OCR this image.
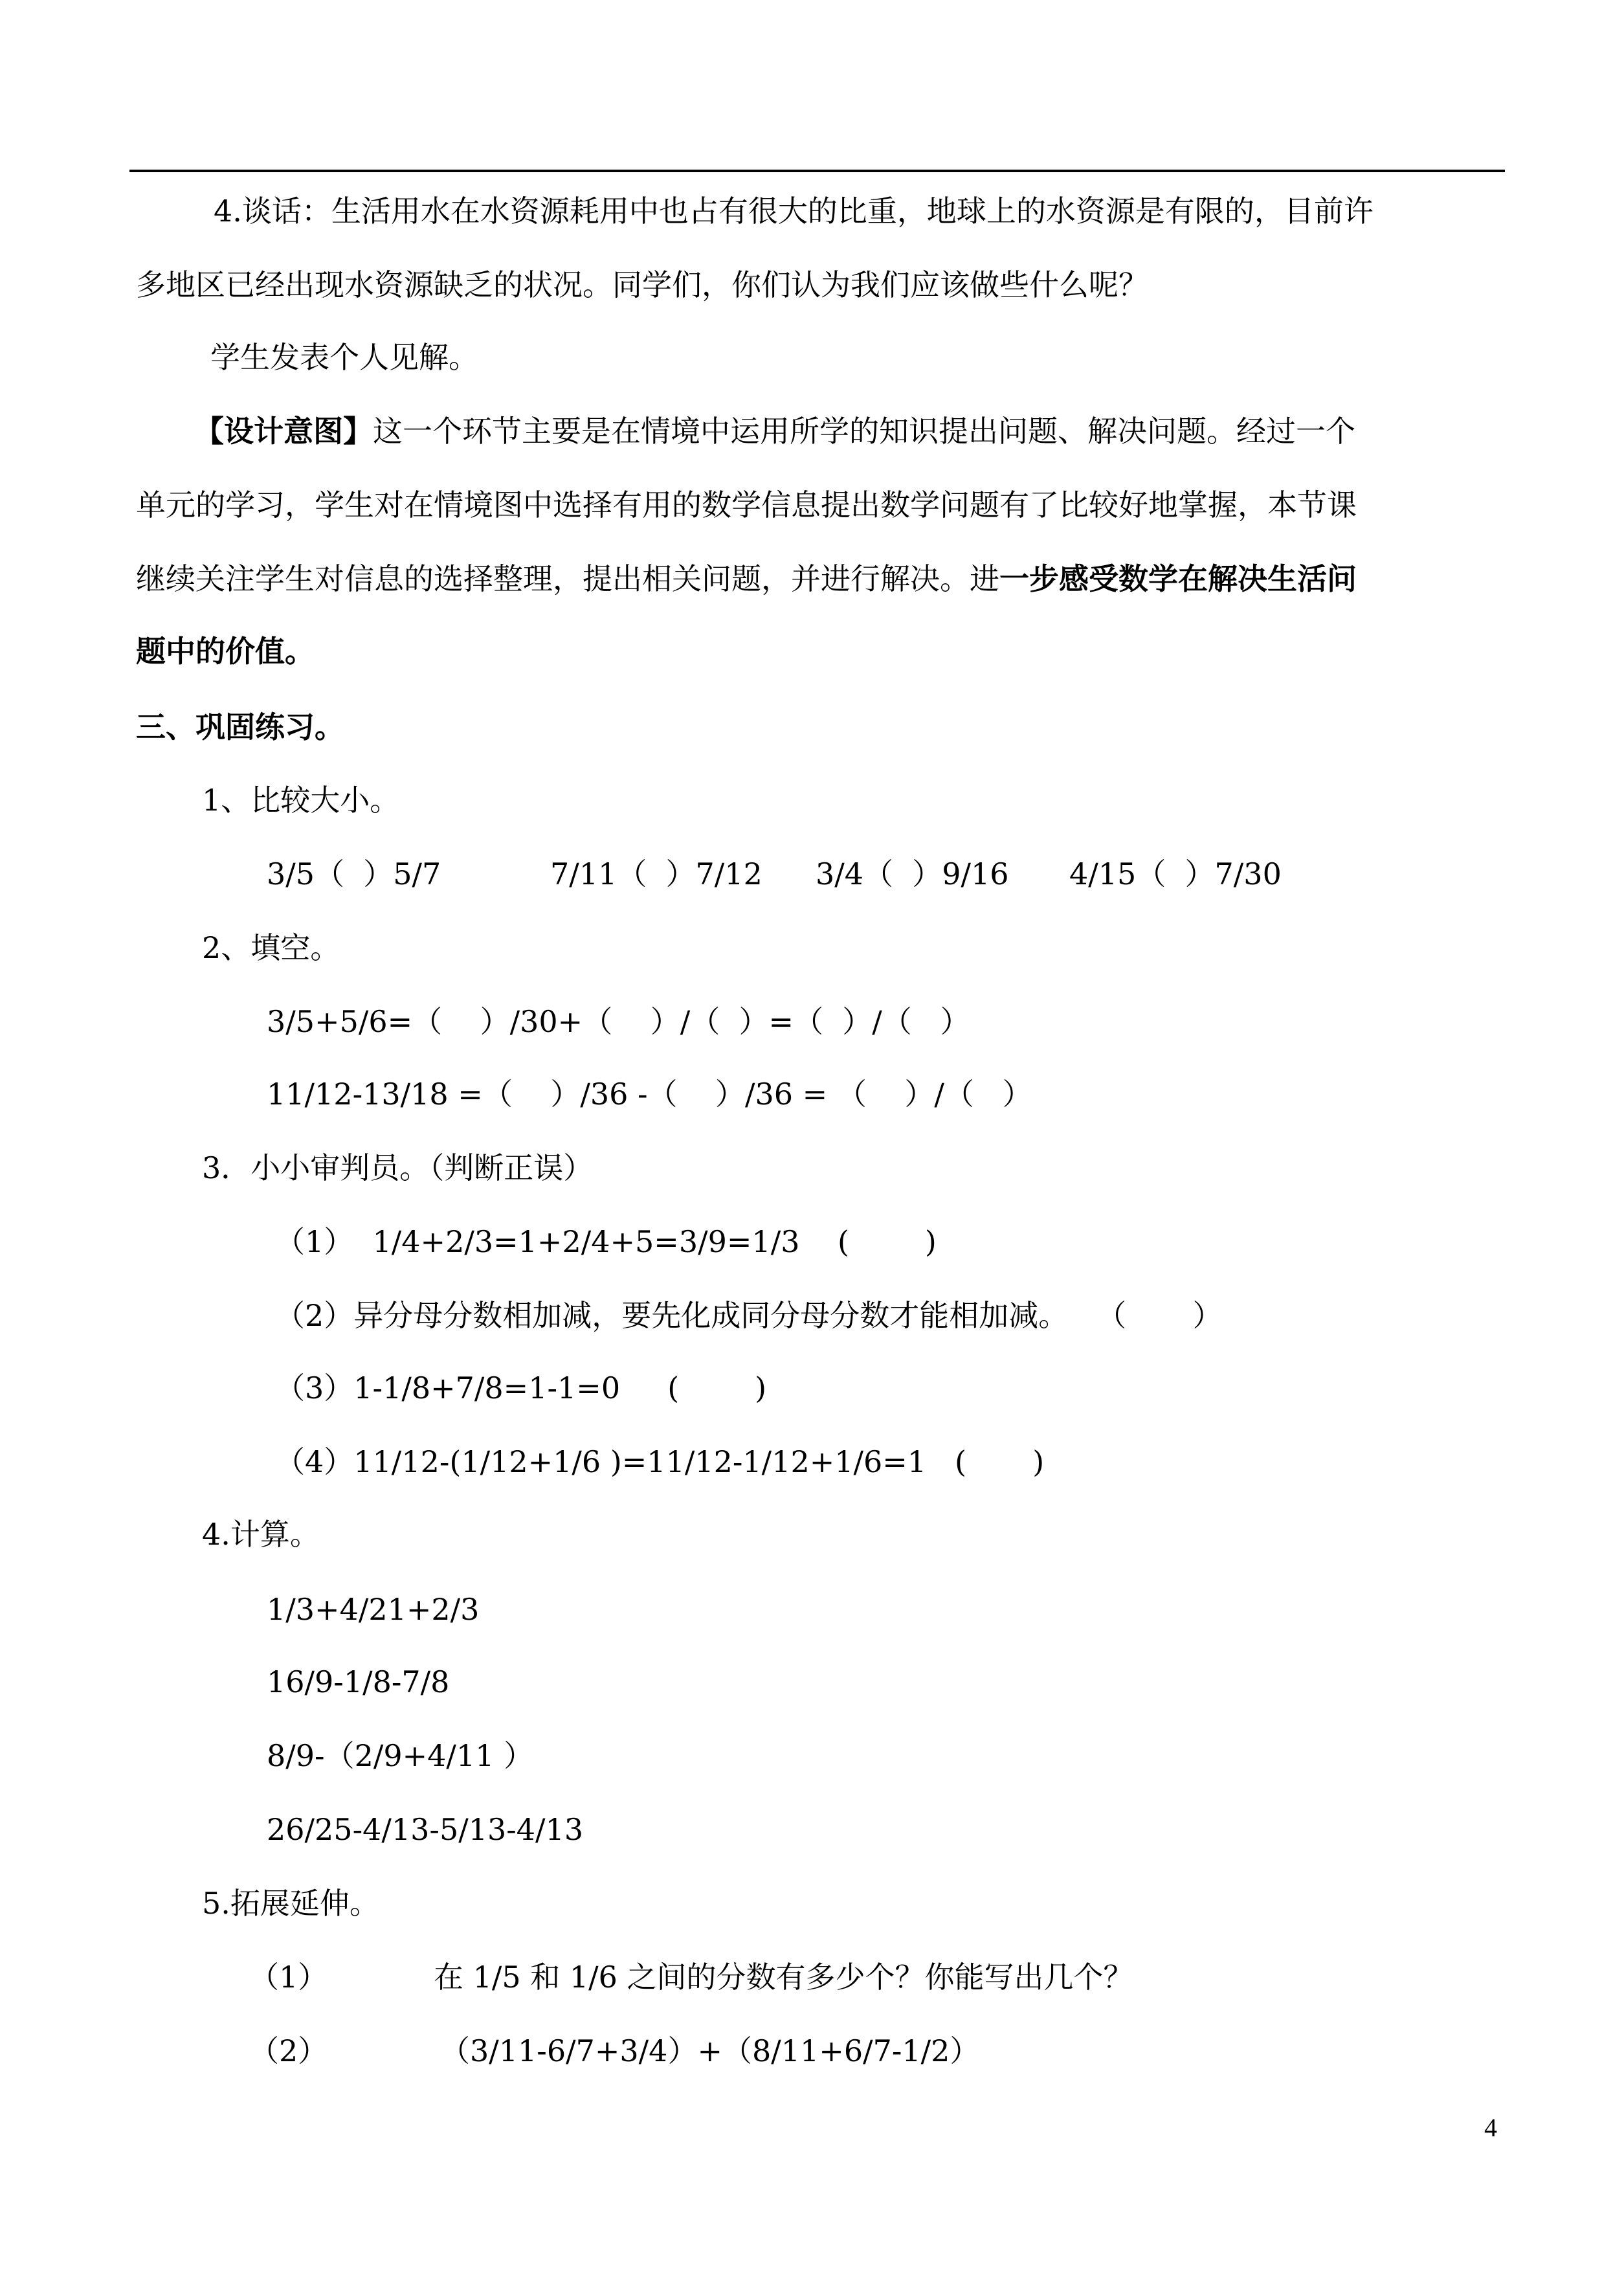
4.谈话：生活用水在水资源耗用中也占有很大的比重，地球上的水资源是有限的，目前许
多地区已经出现水资源缺乏的状况。同学们，你们认为我们应该做些什么呢？
学生发表个人见解。
【设计意图】这一个环节主要是在情境中运用所学的知识提出问题、解决问题。经过一个
单元的学习，学生对在情境图中选择有用的数学信息提出数学问题有了比较好地掌握，本节课
继续关注学生对信息的选择整理，提出相关问题，并进行解决。进一步感受数学在解决生活问
题中的价值。
三、巩固练习。
1、比较大小。

3/5（  ）5/7

	7/11（  ）7/12

3/4（  ）9/16

4/15（  ）7/30

2、填空。
3/5+5/6=（    ）/30+（    ）/（  ）=（  ）/（   ）
11/12-13/18 =（    ）/36 -（    ）/36 = （    ）/（   ）
3．小小审判员。（判断正误）
（1）  1/4+2/3=1+2/4+5=3/9=1/3    (        )
（2）异分母分数相加减，要先化成同分母分数才能相加减。   （       ）
（3）1-1/8+7/8=1-1=0     (        )
（4）11/12-(1/12+1/6 )=11/12-1/12+1/6=1   (       )
4.计算。
1/3+4/21+2/3
16/9-1/8-7/8
8/9-（2/9+4/11 ）
26/25-4/13-5/13-4/13
5.拓展延伸。
（1）	在 1/5 和 1/6 之间的分数有多少个？你能写出几个？
（2）	（3/11-6/7+3/4）+（8/11+6/7-1/2）
4
